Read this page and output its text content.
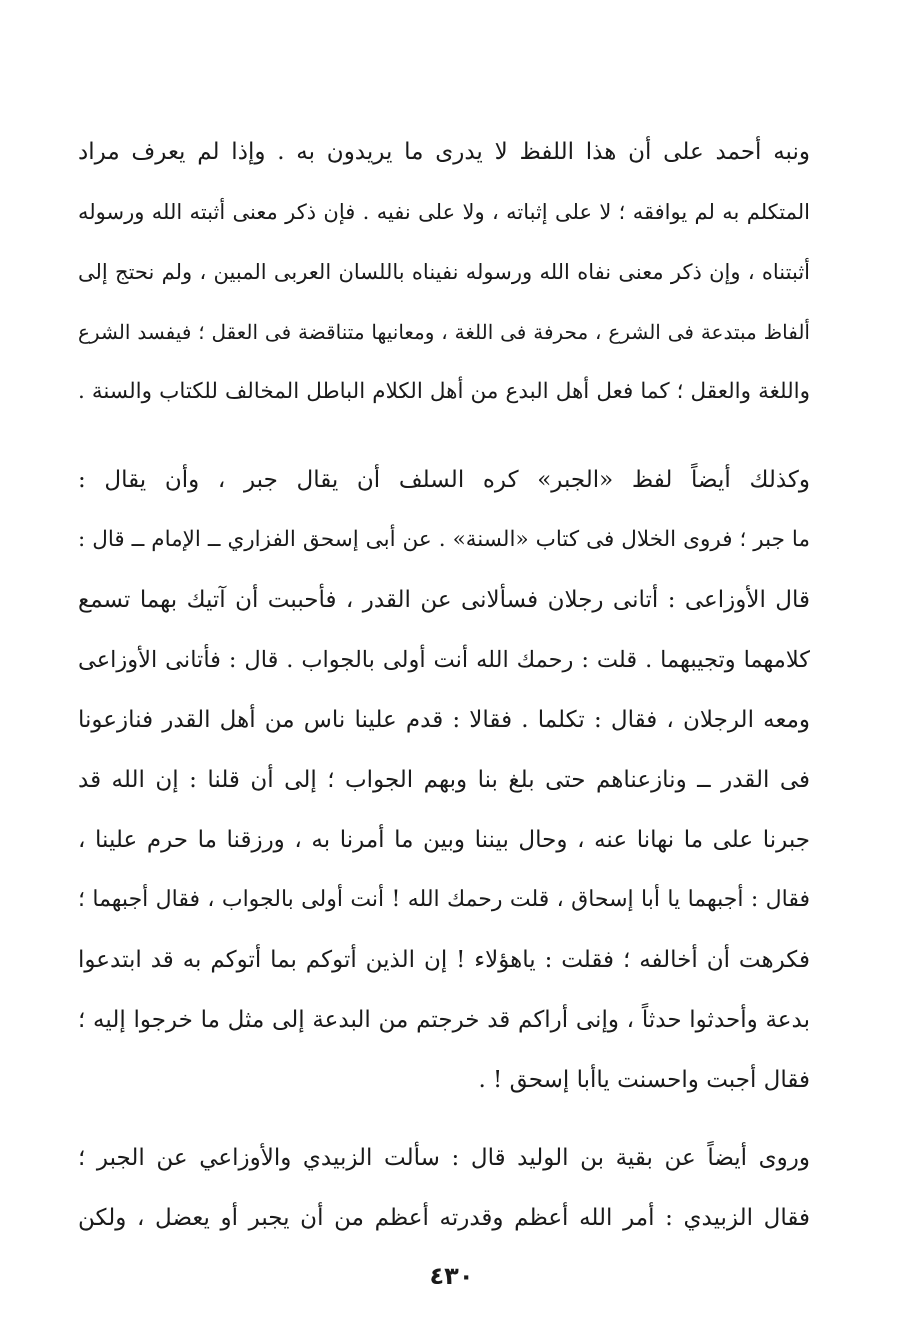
ونبه أحمد على أن هذا اللفظ لا يدرى ما يريدون به . وإذا لم يعرف مراد
المتكلم به لم يوافقه ؛ لا على إثباته ، ولا على نفيه . فإن ذكر معنى أثبته الله ورسوله
أثبتناه ، وإن ذكر معنى نفاه الله ورسوله نفيناه باللسان العربى المبين ، ولم نحتج إلى
ألفاظ مبتدعة فى الشرع ، محرفة فى اللغة ، ومعانيها متناقضة فى العقل ؛ فيفسد الشرع
واللغة والعقل ؛ كما فعل أهل البدع من أهل الكلام الباطل المخالف للكتاب والسنة .
وكذلك أيضاً لفظ «الجبر» كره السلف أن يقال جبر ، وأن يقال :
ما جبر ؛ فروى الخلال فى كتاب «السنة» . عن أبى إسحق الفزاري ــ الإمام ــ قال :
قال الأوزاعى : أتانى رجلان فسألانى عن القدر ، فأحببت أن آتيك بهما تسمع
كلامهما وتجيبهما . قلت : رحمك الله أنت أولى بالجواب . قال : فأتانى الأوزاعى
ومعه الرجلان ، فقال : تكلما . فقالا : قدم علينا ناس من أهل القدر فنازعونا
فى القدر ــ ونازعناهم حتى بلغ بنا وبهم الجواب ؛ إلى أن قلنا : إن الله قد
جبرنا على ما نهانا عنه ، وحال بيننا وبين ما أمرنا به ، ورزقنا ما حرم علينا ،
فقال : أجبهما يا أبا إسحاق ، قلت رحمك الله ! أنت أولى بالجواب ، فقال أجبهما ؛
فكرهت أن أخالفه ؛ فقلت : ياهؤلاء ! إن الذين أتوكم بما أتوكم به قد ابتدعوا
بدعة وأحدثوا حدثاً ، وإنى أراكم قد خرجتم من البدعة إلى مثل ما خرجوا إليه ؛
فقال أجبت واحسنت ياأبا إسحق ! .
وروى أيضاً عن بقية بن الوليد قال : سألت الزبيدي والأوزاعي عن الجبر ؛
فقال الزبيدي : أمر الله أعظم وقدرته أعظم من أن يجبر أو يعضل ، ولكن
٤٣٠
